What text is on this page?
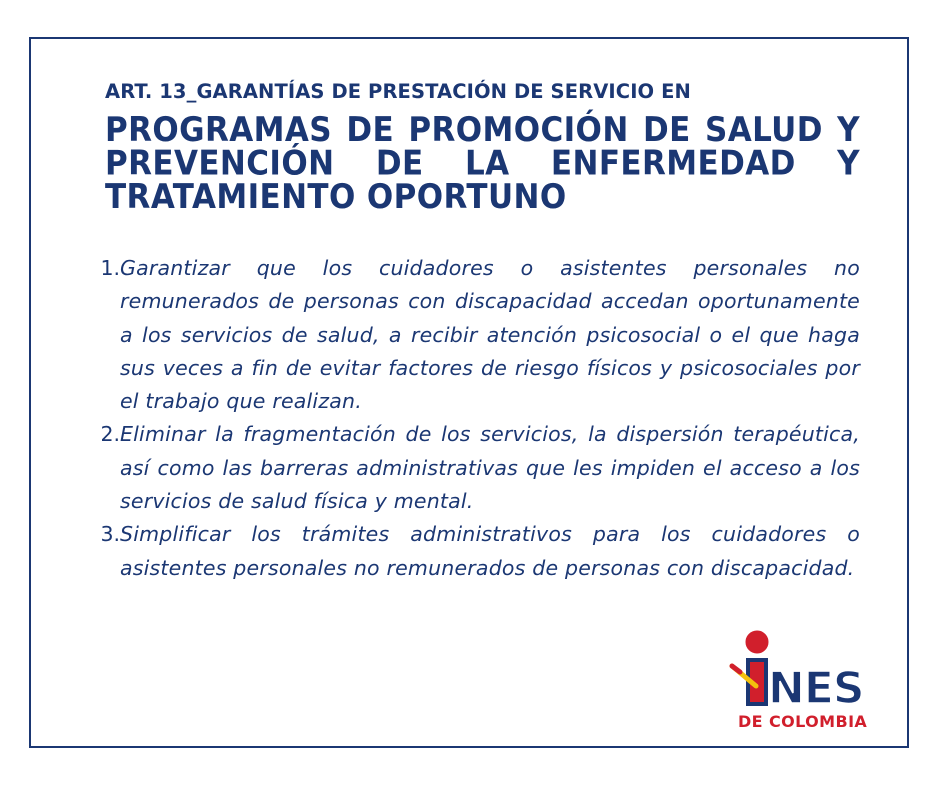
ART. 13_GARANTÍAS DE PRESTACIÓN DE SERVICIO EN
PROGRAMAS DE PROMOCIÓN DE SALUD Y PREVENCIÓN DE LA ENFERMEDAD Y TRATAMIENTO OPORTUNO
1. Garantizar que los cuidadores o asistentes personales no remunerados de personas con discapacidad accedan oportunamente a los servicios de salud, a recibir atención psicosocial o el que haga sus veces a fin de evitar factores de riesgo físicos y psicosociales por el trabajo que realizan.
2. Eliminar la fragmentación de los servicios, la dispersión terapéutica, así como las barreras administrativas que les impiden el acceso a los servicios de salud física y mental.
3. Simplificar los trámites administrativos para los cuidadores o asistentes personales no remunerados de personas con discapacidad.
NES
DE COLOMBIA
